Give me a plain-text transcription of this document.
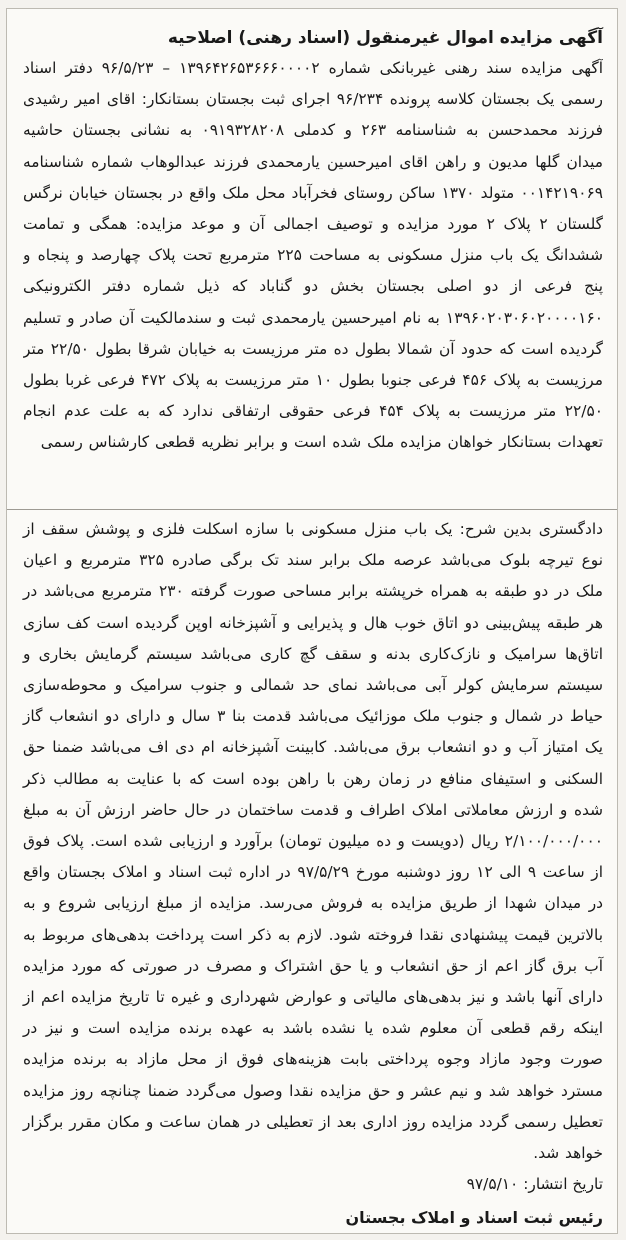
آگهی مزایده اموال غیرمنقول (اسناد رهنی) اصلاحیه

آگهی مزایده سند رهنی غیربانکی شماره ۱۳۹۶۴۲۶۵۳۶۶۶۰۰۰۰۲ – ۹۶/۵/۲۳ دفتر اسناد رسمی یک بجستان کلاسه پرونده ۹۶/۲۳۴ اجرای ثبت بجستان بستانکار: اقای امیر رشیدی فرزند محمدحسن به شناسنامه ۲۶۳ و کدملی ۰۹۱۹۳۲۸۲۰۸ به نشانی بجستان حاشیه میدان گلها مدیون و راهن اقای امیرحسین یارمحمدی فرزند عبدالوهاب شماره شناسنامه ۰۰۱۴۲۱۹۰۶۹ متولد ۱۳۷۰ ساکن روستای فخرآباد محل ملک واقع در بجستان خیابان نرگس گلستان ۲ پلاک ۲ مورد مزایده و توصیف اجمالی آن و موعد مزایده: همگی و تمامت ششدانگ یک باب منزل مسکونی به مساحت ۲۲۵ مترمربع تحت پلاک چهارصد و پنجاه و پنج فرعی از دو اصلی بجستان بخش دو گناباد که ذیل شماره دفتر الکترونیکی ۱۳۹۶۰۲۰۳۰۶۰۲۰۰۰۰۱۶۰ به نام امیرحسین یارمحمدی ثبت و سندمالکیت آن صادر و تسلیم گردیده است که حدود آن شمالا بطول ده متر مرزیست به خیابان شرقا بطول ۲۲/۵۰ متر مرزیست به پلاک ۴۵۶ فرعی جنوبا بطول ۱۰ متر مرزیست به پلاک ۴۷۲ فرعی غربا بطول ۲۲/۵۰ متر مرزیست به پلاک ۴۵۴ فرعی حقوقی ارتفاقی ندارد که به علت عدم انجام تعهدات بستانکار خواهان مزایده ملک شده است و برابر نظریه قطعی کارشناس رسمی

دادگستری بدین شرح: یک باب منزل مسکونی با سازه اسکلت فلزی و پوشش سقف از نوع تیرچه بلوک می‌باشد عرصه ملک برابر سند تک برگی صادره ۳۲۵ مترمربع و اعیان ملک در دو طبقه به همراه خرپشته برابر مساحی صورت گرفته ۲۳۰ مترمربع می‌باشد در هر طبقه پیش‌بینی دو اتاق خوب هال و پذیرایی و آشپزخانه اوپن گردیده است کف سازی اتاق‌ها سرامیک و نازک‌کاری بدنه و سقف گچ کاری می‌باشد سیستم گرمایش بخاری و سیستم سرمایش کولر آبی می‌باشد نمای حد شمالی و جنوب سرامیک و محوطه‌سازی حیاط در شمال و جنوب ملک موزائیک می‌باشد قدمت بنا ۳ سال و دارای دو انشعاب گاز یک امتیاز آب و دو انشعاب برق می‌باشد. کابینت آشپزخانه ام دی اف می‌باشد ضمنا حق السکنی و استیفای منافع در زمان رهن با راهن بوده است که با عنایت به مطالب ذکر شده و ارزش معاملاتی املاک اطراف و قدمت ساختمان در حال حاضر ارزش آن به مبلغ ۲/۱۰۰/۰۰۰/۰۰۰ ریال (دویست و ده میلیون تومان) برآورد و ارزیابی شده است. پلاک فوق از ساعت ۹ الی ۱۲ روز دوشنبه مورخ ۹۷/۵/۲۹ در اداره ثبت اسناد و املاک بجستان واقع در میدان شهدا از طریق مزایده به فروش می‌رسد. مزایده از مبلغ ارزیابی شروع و به بالاترین قیمت پیشنهادی نقدا فروخته شود. لازم به ذکر است پرداخت بدهی‌های مربوط به آب برق گاز اعم از حق انشعاب و یا حق اشتراک و مصرف در صورتی که مورد مزایده دارای آنها باشد و نیز بدهی‌های مالیاتی و عوارض شهرداری و غیره تا تاریخ مزایده اعم از اینکه رقم قطعی آن معلوم شده یا نشده باشد به عهده برنده مزایده است و نیز در صورت وجود مازاد وجوه پرداختی بابت هزینه‌های فوق از محل مازاد به برنده مزایده مسترد خواهد شد و نیم عشر و حق مزایده نقدا وصول می‌گردد ضمنا چنانچه روز مزایده تعطیل رسمی گردد مزایده روز اداری بعد از تعطیلی در همان ساعت و مکان مقرر برگزار خواهد شد.

تاریخ انتشار: ۹۷/۵/۱۰
رئیس ثبت اسناد و املاک بجستان
